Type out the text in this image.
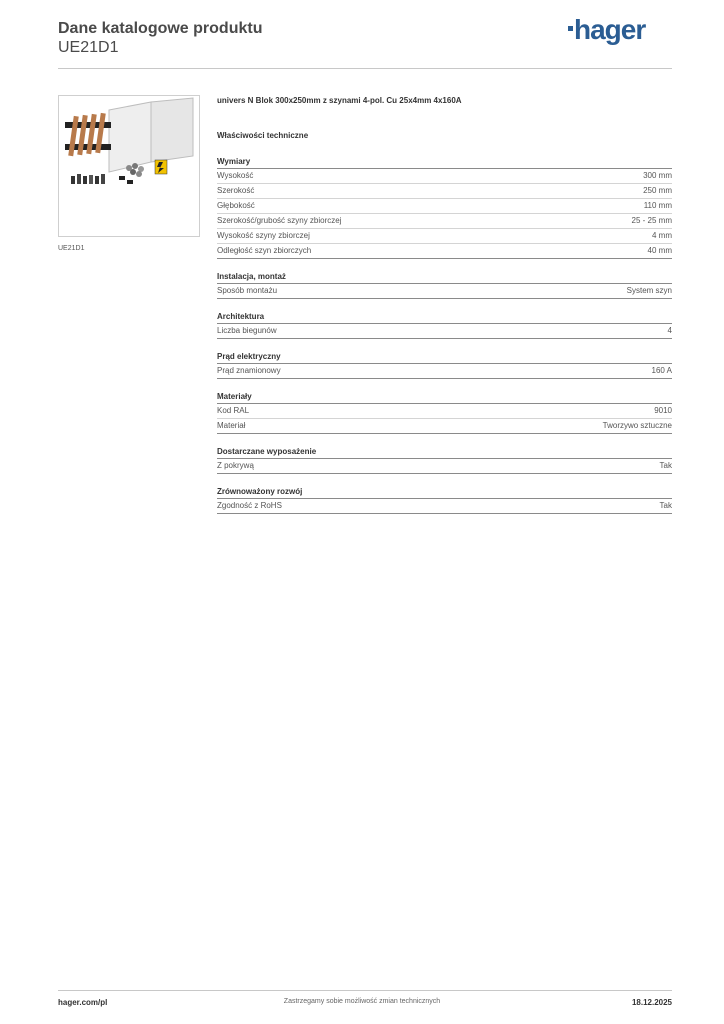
Dane katalogowe produktu
UE21D1
hager
UE21D1
univers N Blok 300x250mm z szynami 4-pol. Cu 25x4mm 4x160A
Właściwości techniczne
Wymiary
Wysokość	300 mm
Szerokość	250 mm
Głębokość	110 mm
Szerokość/grubość szyny zbiorczej	25 - 25 mm
Wysokość szyny zbiorczej	4 mm
Odległość szyn zbiorczych	40 mm
Instalacja, montaż
Sposób montażu	System szyn
Architektura
Liczba biegunów	4
Prąd elektryczny
Prąd znamionowy	160 A
Materiały
Kod RAL	9010
Materiał	Tworzywo sztuczne
Dostarczane wyposażenie
Z pokrywą	Tak
Zrównoważony rozwój
Zgodność z RoHS	Tak
hager.com/pl	Zastrzegamy sobie możliwość zmian technicznych	18.12.2025
